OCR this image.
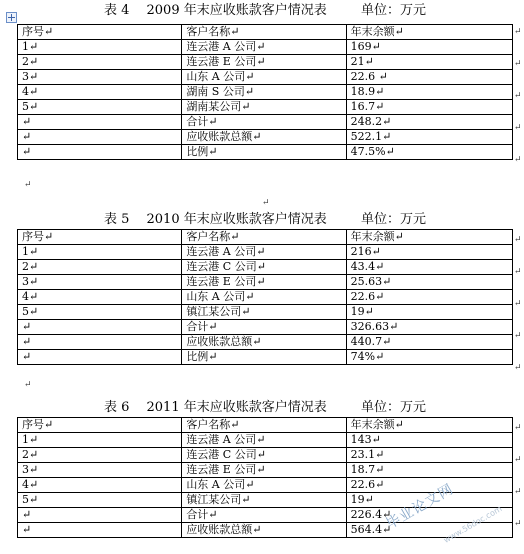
表 4　 2009 年末应收账款客户情况表 　　 单位：万元
序号↵	客户名称↵	年末余额↵
1↵	连云港 A 公司↵	169↵
2↵	连云港 E 公司↵	21↵
3↵	山东 A 公司↵	22.6 ↵
4↵	湖南 S 公司↵	18.9↵
5↵	湖南某公司↵	16.7↵
↵	合计↵	248.2↵
↵	应收账款总额↵	522.1↵
↵	比例↵	47.5%↵
↵
↵
表 5　 2010 年末应收账款客户情况表 　　 单位：万元
序号↵	客户名称↵	年末余额↵
1↵	连云港 A 公司↵	216↵
2↵	连云港 C 公司↵	43.4↵
3↵	连云港 E 公司↵	25.63↵
4↵	山东 A 公司↵	22.6↵
5↵	镇江某公司↵	19↵
↵	合计↵	326.63↵
↵	应收账款总额↵	440.7↵
↵	比例↵	74%↵
↵
表 6　 2011 年末应收账款客户情况表 　　 单位：万元
序号↵	客户名称↵	年末余额↵
1↵	连云港 A 公司↵	143↵
2↵	连云港 C 公司↵	23.1↵
3↵	连云港 E 公司↵	18.7↵
4↵	山东 A 公司↵	22.6↵
5↵	镇江某公司↵	19↵
↵	合计↵	226.4↵
↵	应收账款总额↵	564.4↵
↵
↵
↵
↵
↵
↵
↵
↵
↵
↵
↵
↵
↵
↵
毕业论文网
www.56doc.com
